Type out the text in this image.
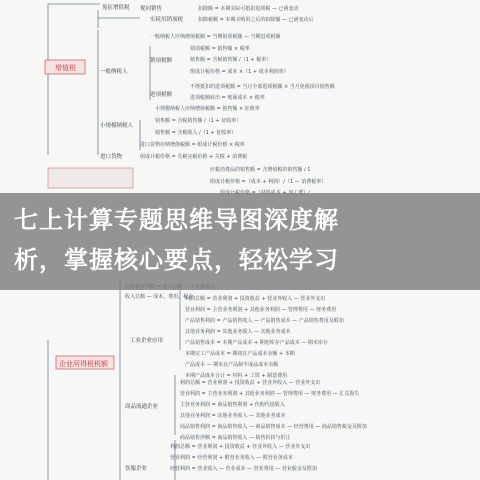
增值税
免征增值税 视同销售	扣除额 = 本期实际可抵扣进项税 — 已函变动
实耗用销项税	扣除税额 = 本期买购用之后的扣除额 — 已函变动后
一般纳税人
一般纳税人应纳增值税额 = 当期销项税额 — 当期进项税额
销项税额
销项税额 = 销售额 × 税率
销售额 = 含税销售额 /（1 + 税率）
组成计税价格 = 成本 ×（1 + 成本利润率）
进项税额
不得抵扣的进项税额 = 当月全部进项税额 × 当月免税项目销售额
进项税额转出 = 账面成本 × 税率
小规模纳税人
小规模纳税人应纳增值税额 = 销售额 × 征收率
销售额 = 含税销售额 /（1 + 征收率）
销售额 = 含税收入 /（1 + 征收率）
进口货物
进口货物应纳增值税额 = 组成计税价格 × 税率
组成计税价格 = 关税完税价格 + 关税 + 消费税
应税消费品的销售额 = 含增值税的销售额 / 1
组成计税价格 =（成本 + 利润）/（1 — 消费税率）
收入总额 — 成本、费用、税金
企业所得税税额
工业企业应用
利润总额 = 营业利润 + 投资收益 + 营业外收入 — 营业外支出
营业利润 = 主营业务利润 + 其他业务利润 — 管理费用 — 财务费用
产品销售利润 = 产品销售收入 — 产品销售成本 — 产品销售费用及附加
其他业务利润 = 其他业务收入 — 其他业务成本
产品销售成本 = 本期产品成本 + 期初库存产品成本 — 期末库存
本期完工产品成本 = 期初在产品成本余额 + 本期
产品成本 — 期末在产品制半成品成本余额
本期产品成本合计 = 材料 + 工资 + 制造费用
商品流通企业
利润总额 = 营业利润 + 投资收益 + 营业外收入 — 营业外支出
营业利润 = 主营业务利润 + 其他业务利润 — 管理费用 — 财务费用 — 汇兑损失
主营业务利润 = 商品销售利润 + 代购代销收入
其他业务利润 = 其他业务收入 — 其他业务成本
商品销售利润 = 商品销售收入 — 商品销售成本 — 经营费用 — 商品销售税金及附加
商品销售净额 = 商品销售收入 — 销售折扣与折让
饮服企业
利润总额 = 营业利润 + 投资收益 + 营业外收入 — 营业外支出
营业利润 = 经营利润 + 附营业务收入 — 附营业务成本
经营利润 = 营业收入 — 营业成本 — 营业费用 — 营业税金及附加
七上计算专题思维导图深度解
析，掌握核心要点，轻松学习
